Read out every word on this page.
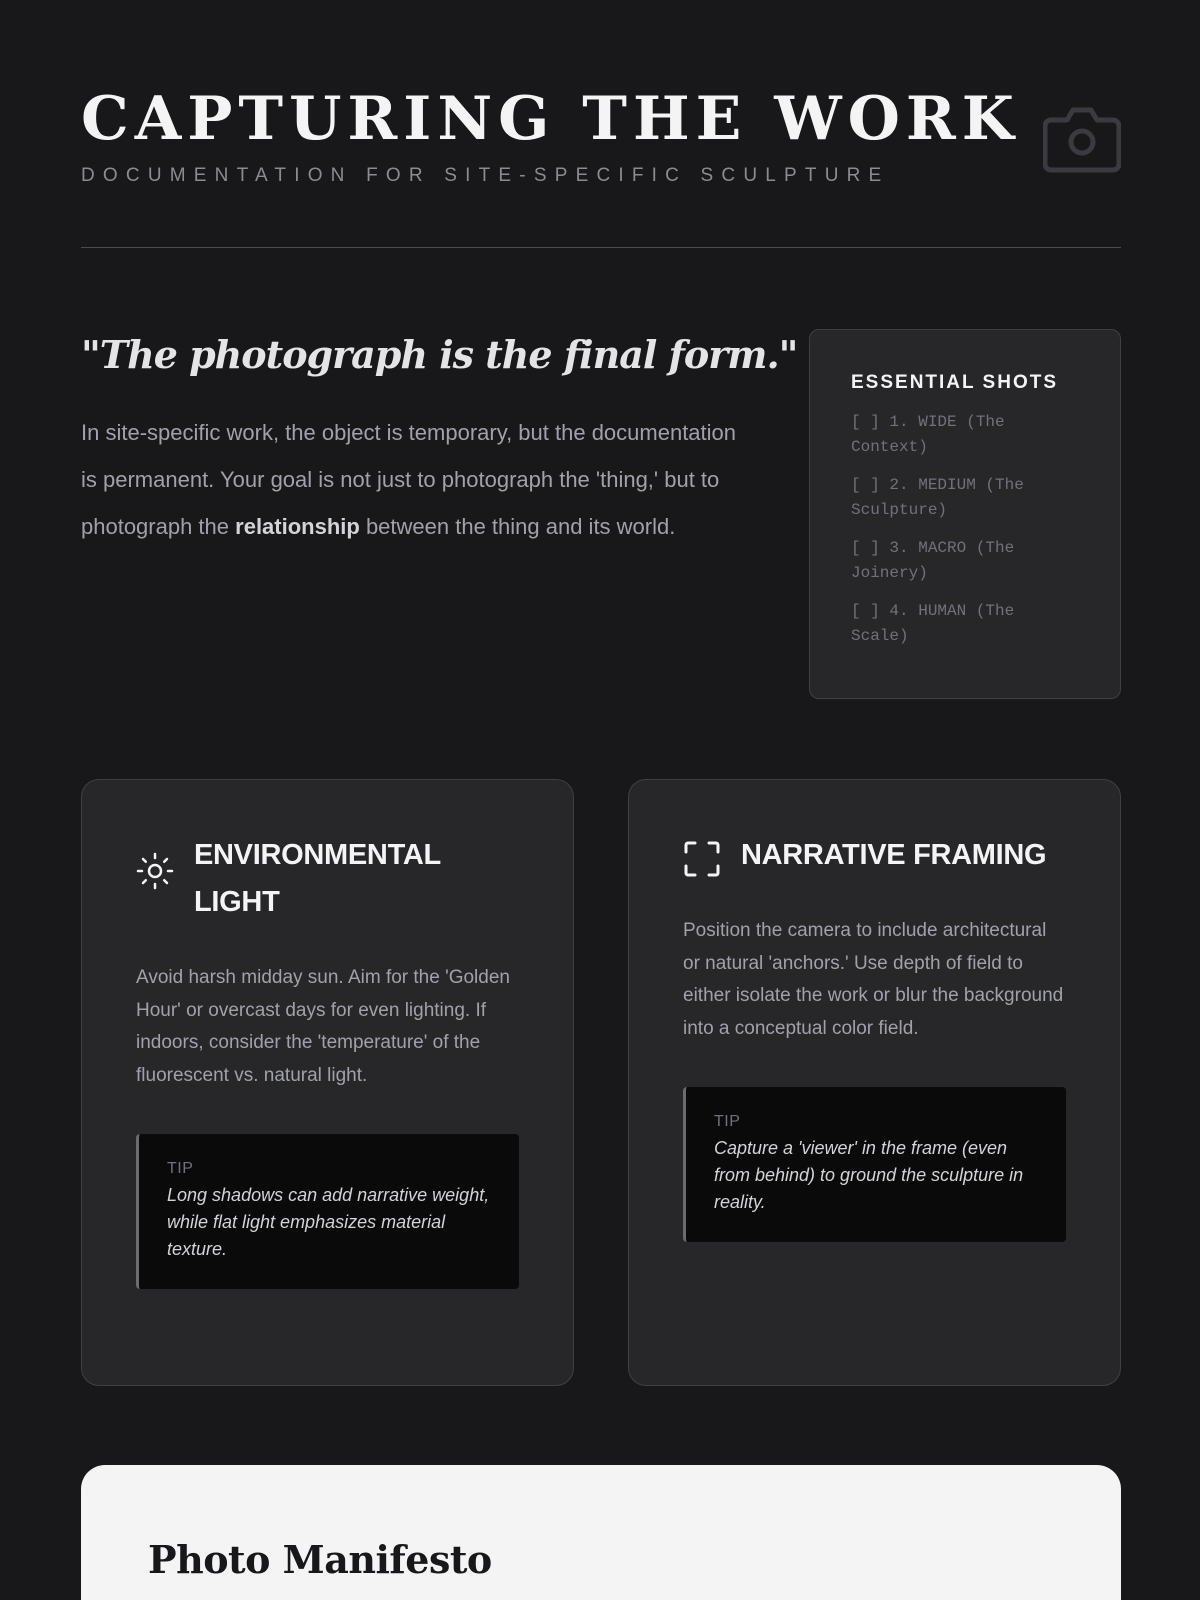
CAPTURING THE WORK
DOCUMENTATION FOR SITE-SPECIFIC SCULPTURE
"The photograph is the final form."

In site-specific work, the object is temporary, but the documentation is permanent. Your goal is not just to photograph the 'thing,' but to photograph the relationship between the thing and its world.

ESSENTIAL SHOTS
[ ] 1. WIDE (The Context)
[ ] 2. MEDIUM (The Sculpture)
[ ] 3. MACRO (The Joinery)
[ ] 4. HUMAN (The Scale)
ENVIRONMENTAL LIGHT

Avoid harsh midday sun. Aim for the 'Golden Hour' or overcast days for even lighting. If indoors, consider the 'temperature' of the fluorescent vs. natural light.

TIP
Long shadows can add narrative weight, while flat light emphasizes material texture.
NARRATIVE FRAMING

Position the camera to include architectural or natural 'anchors.' Use depth of field to either isolate the work or blur the background into a conceptual color field.

TIP
Capture a 'viewer' in the frame (even from behind) to ground the sculpture in reality.
Photo Manifesto
